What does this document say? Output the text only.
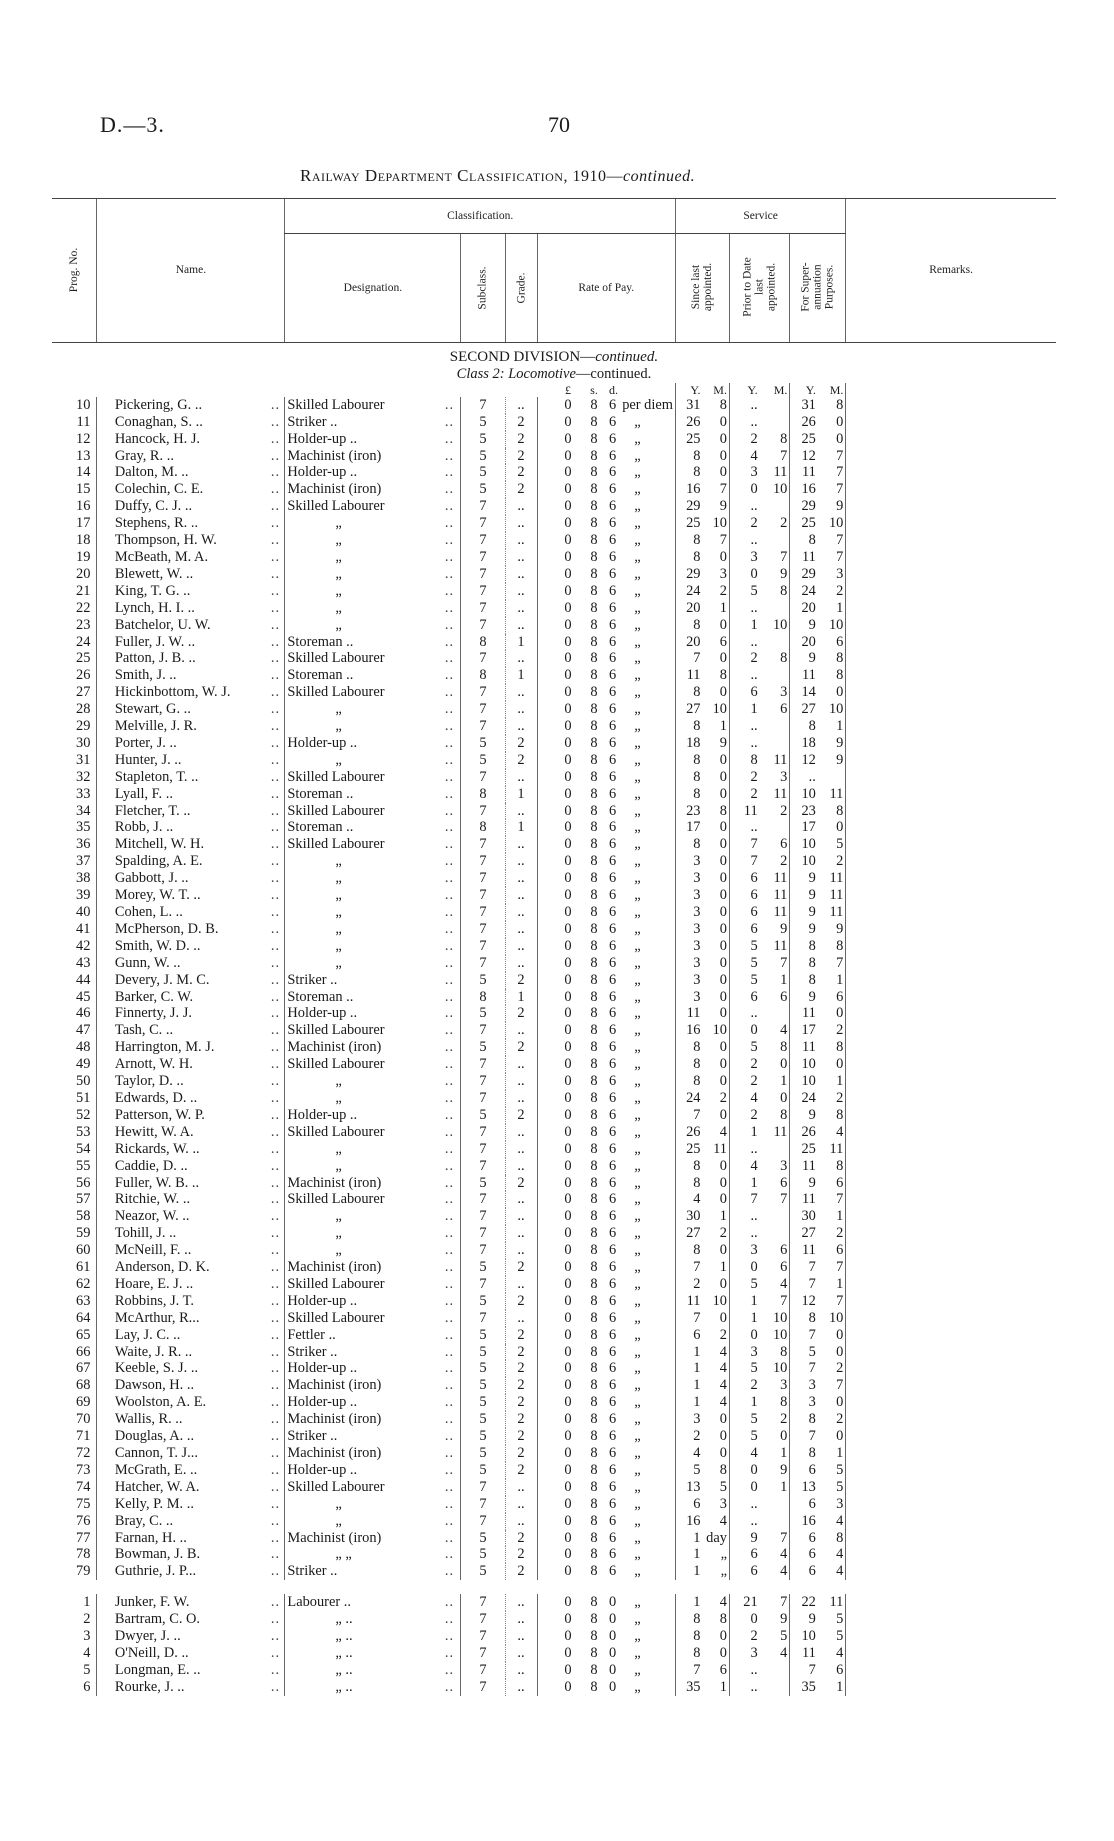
D.—3.	70
Railway Department Classification, 1910—continued.
Prog. No.	Name.			Classification.								Service						Remarks.
				Designation.		Subclass.	Grade.	Rate of Pay.				Since last
appointed.		Prior to Date
last
appointed.		For Super-
annuation
Purposes.		
SECOND DIVISION—continued.																		
Class 2: Locomotive—continued.																		
									£	s.	d.	Y.	M.	Y.	M.	Y.	M.	
10		Pickering, G. ..	..	Skilled Labourer	..	7	..		0	8	6 per diem	31	8	..		31	8	
11		Conaghan, S. ..	..	Striker ..	..	5	2		0	8	6 „	26	0	..		26	0	
12		Hancock, H. J.	..	Holder-up ..	..	5	2		0	8	6 „	25	0	2	8	25	0	
13		Gray, R. ..	..	Machinist (iron)	..	5	2		0	8	6 „	8	0	4	7	12	7	
14		Dalton, M. ..	..	Holder-up ..	..	5	2		0	8	6 „	8	0	3	11	11	7	
15		Colechin, C. E.	..	Machinist (iron)	..	5	2		0	8	6 „	16	7	0	10	16	7	
16		Duffy, C. J. ..	..	Skilled Labourer	..	7	..		0	8	6 „	29	9	..		29	9	
17		Stephens, R. ..	..	„	..	7	..		0	8	6 „	25	10	2	2	25	10	
18		Thompson, H. W.	..	„	..	7	..		0	8	6 „	8	7	..		8	7	
19		McBeath, M. A.	..	„	..	7	..		0	8	6 „	8	0	3	7	11	7	
20		Blewett, W. ..	..	„	..	7	..		0	8	6 „	29	3	0	9	29	3	
21		King, T. G. ..	..	„	..	7	..		0	8	6 „	24	2	5	8	24	2	
22		Lynch, H. I. ..	..	„	..	7	..		0	8	6 „	20	1	..		20	1	
23		Batchelor, U. W.	..	„	..	7	..		0	8	6 „	8	0	1	10	9	10	
24		Fuller, J. W. ..	..	Storeman ..	..	8	1		0	8	6 „	20	6	..		20	6	
25		Patton, J. B. ..	..	Skilled Labourer	..	7	..		0	8	6 „	7	0	2	8	9	8	
26		Smith, J. ..	..	Storeman ..	..	8	1		0	8	6 „	11	8	..		11	8	
27		Hickinbottom, W. J.	..	Skilled Labourer	..	7	..		0	8	6 „	8	0	6	3	14	0	
28		Stewart, G. ..	..	„	..	7	..		0	8	6 „	27	10	1	6	27	10	
29		Melville, J. R.	..	„	..	7	..		0	8	6 „	8	1	..		8	1	
30		Porter, J. ..	..	Holder-up ..	..	5	2		0	8	6 „	18	9	..		18	9	
31		Hunter, J. ..	..	„	..	5	2		0	8	6 „	8	0	8	11	12	9	
32		Stapleton, T. ..	..	Skilled Labourer	..	7	..		0	8	6 „	8	0	2	3	..		
33		Lyall, F. ..	..	Storeman ..	..	8	1		0	8	6 „	8	0	2	11	10	11	
34		Fletcher, T. ..	..	Skilled Labourer	..	7	..		0	8	6 „	23	8	11	2	23	8	
35		Robb, J. ..	..	Storeman ..	..	8	1		0	8	6 „	17	0	..		17	0	
36		Mitchell, W. H.	..	Skilled Labourer	..	7	..		0	8	6 „	8	0	7	6	10	5	
37		Spalding, A. E.	..	„	..	7	..		0	8	6 „	3	0	7	2	10	2	
38		Gabbott, J. ..	..	„	..	7	..		0	8	6 „	3	0	6	11	9	11	
39		Morey, W. T. ..	..	„	..	7	..		0	8	6 „	3	0	6	11	9	11	
40		Cohen, L. ..	..	„	..	7	..		0	8	6 „	3	0	6	11	9	11	
41		McPherson, D. B.	..	„	..	7	..		0	8	6 „	3	0	6	9	9	9	
42		Smith, W. D. ..	..	„	..	7	..		0	8	6 „	3	0	5	11	8	8	
43		Gunn, W. ..	..	„	..	7	..		0	8	6 „	3	0	5	7	8	7	
44		Devery, J. M. C.	..	Striker ..	..	5	2		0	8	6 „	3	0	5	1	8	1	
45		Barker, C. W.	..	Storeman ..	..	8	1		0	8	6 „	3	0	6	6	9	6	
46		Finnerty, J. J.	..	Holder-up ..	..	5	2		0	8	6 „	11	0	..		11	0	
47		Tash, C. ..	..	Skilled Labourer	..	7	..		0	8	6 „	16	10	0	4	17	2	
48		Harrington, M. J.	..	Machinist (iron)	..	5	2		0	8	6 „	8	0	5	8	11	8	
49		Arnott, W. H.	..	Skilled Labourer	..	7	..		0	8	6 „	8	0	2	0	10	0	
50		Taylor, D. ..	..	„	..	7	..		0	8	6 „	8	0	2	1	10	1	
51		Edwards, D. ..	..	„	..	7	..		0	8	6 „	24	2	4	0	24	2	
52		Patterson, W. P.	..	Holder-up ..	..	5	2		0	8	6 „	7	0	2	8	9	8	
53		Hewitt, W. A.	..	Skilled Labourer	..	7	..		0	8	6 „	26	4	1	11	26	4	
54		Rickards, W. ..	..	„	..	7	..		0	8	6 „	25	11	..		25	11	
55		Caddie, D. ..	..	„	..	7	..		0	8	6 „	8	0	4	3	11	8	
56		Fuller, W. B. ..	..	Machinist (iron)	..	5	2		0	8	6 „	8	0	1	6	9	6	
57		Ritchie, W. ..	..	Skilled Labourer	..	7	..		0	8	6 „	4	0	7	7	11	7	
58		Neazor, W. ..	..	„	..	7	..		0	8	6 „	30	1	..		30	1	
59		Tohill, J. ..	..	„	..	7	..		0	8	6 „	27	2	..		27	2	
60		McNeill, F. ..	..	„	..	7	..		0	8	6 „	8	0	3	6	11	6	
61		Anderson, D. K.	..	Machinist (iron)	..	5	2		0	8	6 „	7	1	0	6	7	7	
62		Hoare, E. J. ..	..	Skilled Labourer	..	7	..		0	8	6 „	2	0	5	4	7	1	
63		Robbins, J. T.	..	Holder-up ..	..	5	2		0	8	6 „	11	10	1	7	12	7	
64		McArthur, R...	..	Skilled Labourer	..	7	..		0	8	6 „	7	0	1	10	8	10	
65		Lay, J. C. ..	..	Fettler ..	..	5	2		0	8	6 „	6	2	0	10	7	0	
66		Waite, J. R. ..	..	Striker ..	..	5	2		0	8	6 „	1	4	3	8	5	0	
67		Keeble, S. J. ..	..	Holder-up ..	..	5	2		0	8	6 „	1	4	5	10	7	2	
68		Dawson, H. ..	..	Machinist (iron)	..	5	2		0	8	6 „	1	4	2	3	3	7	
69		Woolston, A. E.	..	Holder-up ..	..	5	2		0	8	6 „	1	4	1	8	3	0	
70		Wallis, R. ..	..	Machinist (iron)	..	5	2		0	8	6 „	3	0	5	2	8	2	
71		Douglas, A. ..	..	Striker ..	..	5	2		0	8	6 „	2	0	5	0	7	0	
72		Cannon, T. J...	..	Machinist (iron)	..	5	2		0	8	6 „	4	0	4	1	8	1	
73		McGrath, E. ..	..	Holder-up ..	..	5	2		0	8	6 „	5	8	0	9	6	5	
74		Hatcher, W. A.	..	Skilled Labourer	..	7	..		0	8	6 „	13	5	0	1	13	5	
75		Kelly, P. M. ..	..	„	..	7	..		0	8	6 „	6	3	..		6	3	
76		Bray, C. ..	..	„	..	7	..		0	8	6 „	16	4	..		16	4	
77		Farnan, H. ..	..	Machinist (iron)	..	5	2		0	8	6 „	1	day	9	7	6	8	
78		Bowman, J. B.	..	„ „	..	5	2		0	8	6 „	1	„	6	4	6	4	
79		Guthrie, J. P...	..	Striker ..	..	5	2		0	8	6 „	1	„	6	4	6	4	

1		Junker, F. W.	..	Labourer ..	..	7	..		0	8	0 „	1	4	21	7	22	11	
2		Bartram, C. O.	..	„ ..	..	7	..		0	8	0 „	8	8	0	9	9	5	
3		Dwyer, J. ..	..	„ ..	..	7	..		0	8	0 „	8	0	2	5	10	5	
4		O'Neill, D. ..	..	„ ..	..	7	..		0	8	0 „	8	0	3	4	11	4	
5		Longman, E. ..	..	„ ..	..	7	..		0	8	0 „	7	6	..		7	6	
6		Rourke, J. ..	..	„ ..	..	7	..		0	8	0 „	35	1	..		35	1	
